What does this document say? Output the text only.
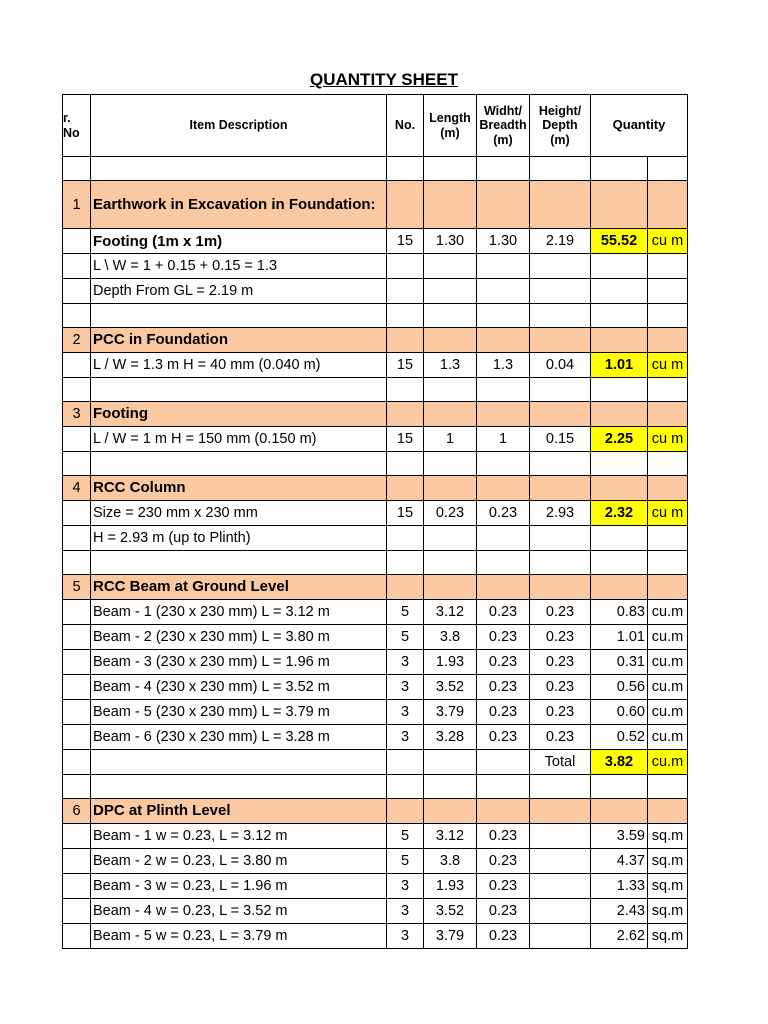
QUANTITY SHEET
r. No	Item Description	No.	Length (m)	Widht/ Breadth (m)	Height/ Depth (m)	Quantity	

1	Earthwork in Excavation in Foundation:						
	Footing (1m x 1m)	15	1.30	1.30	2.19	55.52	cu m
	L \ W = 1 + 0.15 + 0.15 = 1.3						
	Depth From GL = 2.19 m						

2	PCC in Foundation						
	L / W = 1.3 m H = 40 mm (0.040 m)	15	1.3	1.3	0.04	1.01	cu m

3	Footing						
	L / W = 1 m H = 150 mm (0.150 m)	15	1	1	0.15	2.25	cu m

4	RCC Column						
	Size = 230 mm x 230 mm	15	0.23	0.23	2.93	2.32	cu m
	H = 2.93 m (up to Plinth)						

5	RCC Beam at Ground Level						
	Beam - 1 (230 x 230 mm) L = 3.12 m	5	3.12	0.23	0.23	0.83	cu.m
	Beam - 2 (230 x 230 mm) L = 3.80 m	5	3.8	0.23	0.23	1.01	cu.m
	Beam - 3 (230 x 230 mm) L = 1.96 m	3	1.93	0.23	0.23	0.31	cu.m
	Beam - 4 (230 x 230 mm) L = 3.52 m	3	3.52	0.23	0.23	0.56	cu.m
	Beam - 5 (230 x 230 mm) L = 3.79 m	3	3.79	0.23	0.23	0.60	cu.m
	Beam - 6 (230 x 230 mm) L = 3.28 m	3	3.28	0.23	0.23	0.52	cu.m
					Total	3.82	cu.m

6	DPC at Plinth Level						
	Beam - 1 w = 0.23, L = 3.12 m	5	3.12	0.23		3.59	sq.m
	Beam - 2 w = 0.23, L = 3.80 m	5	3.8	0.23		4.37	sq.m
	Beam - 3 w = 0.23, L = 1.96 m	3	1.93	0.23		1.33	sq.m
	Beam - 4 w = 0.23, L = 3.52 m	3	3.52	0.23		2.43	sq.m
	Beam - 5 w = 0.23, L = 3.79 m	3	3.79	0.23		2.62	sq.m
